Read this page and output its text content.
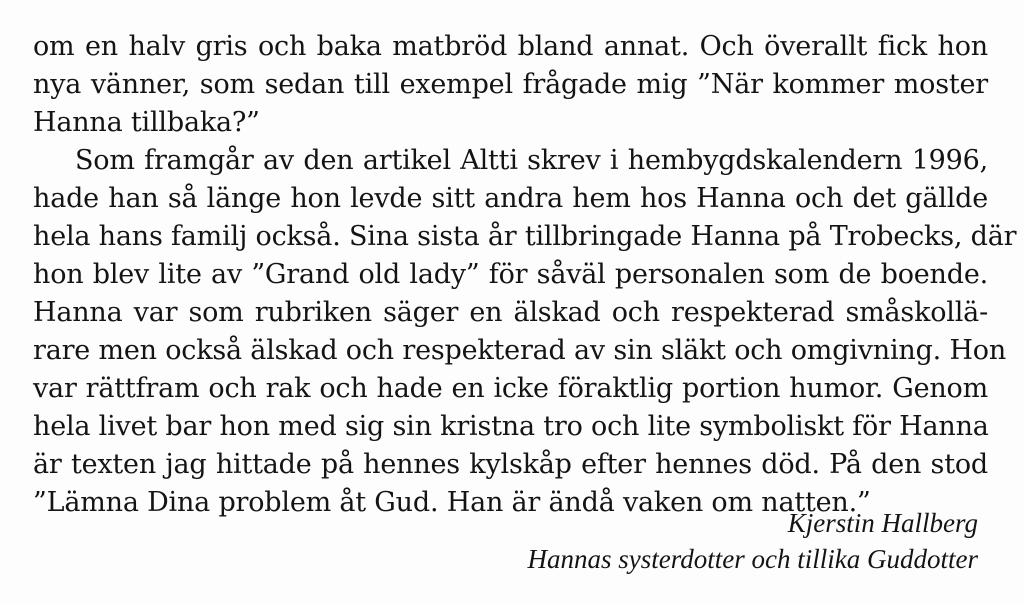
om en halv gris och baka matbröd bland annat. Och överallt fick hon
nya vänner, som sedan till exempel frågade mig ”När kommer moster
Hanna tillbaka?”
Som framgår av den artikel Altti skrev i hembygdskalendern 1996,
hade han så länge hon levde sitt andra hem hos Hanna och det gällde
hela hans familj också. Sina sista år tillbringade Hanna på Trobecks, där
hon blev lite av ”Grand old lady” för såväl personalen som de boende.
Hanna var som rubriken säger en älskad och respekterad småskollä-
rare men också älskad och respekterad av sin släkt och omgivning. Hon
var rättfram och rak och hade en icke föraktlig portion humor. Genom
hela livet bar hon med sig sin kristna tro och lite symboliskt för Hanna
är texten jag hittade på hennes kylskåp efter hennes död. På den stod
”Lämna Dina problem åt Gud. Han är ändå vaken om natten.”
Kjerstin Hallberg
Hannas systerdotter och tillika Guddotter
